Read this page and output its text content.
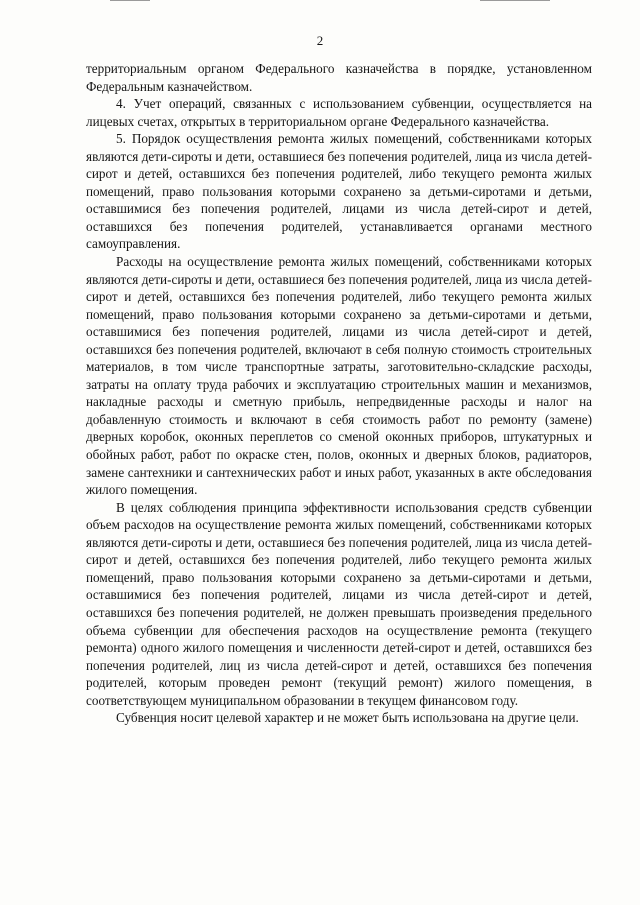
2

территориальным органом Федерального казначейства в порядке, установленном Федеральным казначейством.

4. Учет операций, связанных с использованием субвенции, осуществляется на лицевых счетах, открытых в территориальном органе Федерального казначейства.

5. Порядок осуществления ремонта жилых помещений, собственниками которых являются дети-сироты и дети, оставшиеся без попечения родителей, лица из числа детей-сирот и детей, оставшихся без попечения родителей, либо текущего ремонта жилых помещений, право пользования которыми сохранено за детьми-сиротами и детьми, оставшимися без попечения родителей, лицами из числа детей-сирот и детей, оставшихся без попечения родителей, устанавливается органами местного самоуправления.

Расходы на осуществление ремонта жилых помещений, собственниками которых являются дети-сироты и дети, оставшиеся без попечения родителей, лица из числа детей-сирот и детей, оставшихся без попечения родителей, либо текущего ремонта жилых помещений, право пользования которыми сохранено за детьми-сиротами и детьми, оставшимися без попечения родителей, лицами из числа детей-сирот и детей, оставшихся без попечения родителей, включают в себя полную стоимость строительных материалов, в том числе транспортные затраты, заготовительно-складские расходы, затраты на оплату труда рабочих и эксплуатацию строительных машин и механизмов, накладные расходы и сметную прибыль, непредвиденные расходы и налог на добавленную стоимость и включают в себя стоимость работ по ремонту (замене) дверных коробок, оконных переплетов со сменой оконных приборов, штукатурных и обойных работ, работ по окраске стен, полов, оконных и дверных блоков, радиаторов, замене сантехники и сантехнических работ и иных работ, указанных в акте обследования жилого помещения.

В целях соблюдения принципа эффективности использования средств субвенции объем расходов на осуществление ремонта жилых помещений, собственниками которых являются дети-сироты и дети, оставшиеся без попечения родителей, лица из числа детей-сирот и детей, оставшихся без попечения родителей, либо текущего ремонта жилых помещений, право пользования которыми сохранено за детьми-сиротами и детьми, оставшимися без попечения родителей, лицами из числа детей-сирот и детей, оставшихся без попечения родителей, не должен превышать произведения предельного объема субвенции для обеспечения расходов на осуществление ремонта (текущего ремонта) одного жилого помещения и численности детей-сирот и детей, оставшихся без попечения родителей, лиц из числа детей-сирот и детей, оставшихся без попечения родителей, которым проведен ремонт (текущий ремонт) жилого помещения, в соответствующем муниципальном образовании в текущем финансовом году.

Субвенция носит целевой характер и не может быть использована на другие цели.
